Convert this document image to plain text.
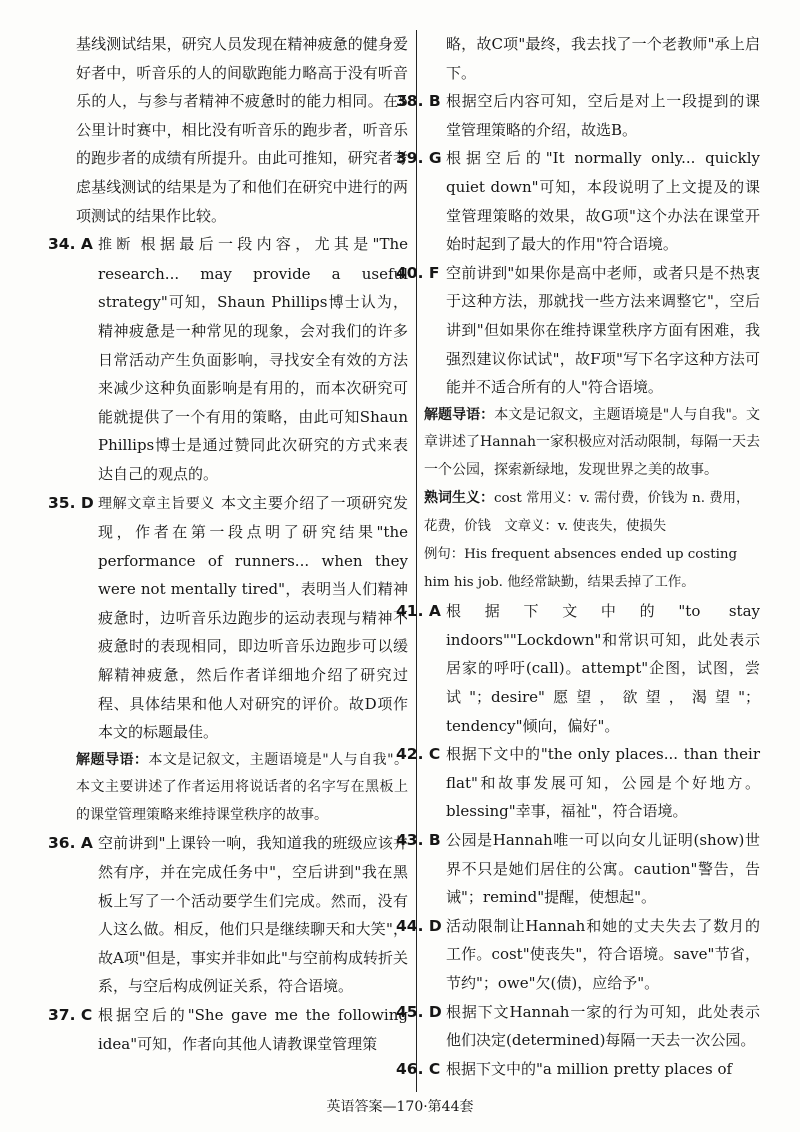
基线测试结果，研究人员发现在精神疲惫的健身爱好者中，听音乐的人的间歇跑能力略高于没有听音乐的人，与参与者精神不疲惫时的能力相同。在5公里计时赛中，相比没有听音乐的跑步者，听音乐的跑步者的成绩有所提升。由此可推知，研究者考虑基线测试的结果是为了和他们在研究中进行的两项测试的结果作比较。

34. A 推断 根据最后一段内容，尤其是"The research... may provide a useful strategy"可知，Shaun Phillips博士认为，精神疲惫是一种常见的现象，会对我们的许多日常活动产生负面影响，寻找安全有效的方法来减少这种负面影响是有用的，而本次研究可能就提供了一个有用的策略，由此可知Shaun Phillips博士是通过赞同此次研究的方式来表达自己的观点的。
35. D 理解文章主旨要义 本文主要介绍了一项研究发现，作者在第一段点明了研究结果"the performance of runners... when they were not mentally tired"，表明当人们精神疲惫时，边听音乐边跑步的运动表现与精神不疲惫时的表现相同，即边听音乐边跑步可以缓解精神疲惫，然后作者详细地介绍了研究过程、具体结果和他人对研究的评价。故D项作本文的标题最佳。

解题导语：本文是记叙文，主题语境是"人与自我"。本文主要讲述了作者运用将说话者的名字写在黑板上的课堂管理策略来维持课堂秩序的故事。

36. A 空前讲到"上课铃一响，我知道我的班级应该井然有序，并在完成任务中"，空后讲到"我在黑板上写了一个活动要学生们完成。然而，没有人这么做。相反，他们只是继续聊天和大笑"，故A项"但是，事实并非如此"与空前构成转折关系，与空后构成例证关系，符合语境。
37. C 根据空后的"She gave me the following idea"可知，作者向其他人请教课堂管理策

略，故C项"最终，我去找了一个老教师"承上启下。

38. B 根据空后内容可知，空后是对上一段提到的课堂管理策略的介绍，故选B。
39. G 根据空后的"It normally only... quickly quiet down"可知，本段说明了上文提及的课堂管理策略的效果，故G项"这个办法在课堂开始时起到了最大的作用"符合语境。
40. F 空前讲到"如果你是高中老师，或者只是不热衷于这种方法，那就找一些方法来调整它"，空后讲到"但如果你在维持课堂秩序方面有困难，我强烈建议你试试"，故F项"写下名字这种方法可能并不适合所有的人"符合语境。

解题导语：本文是记叙文，主题语境是"人与自我"。文章讲述了Hannah一家积极应对活动限制，每隔一天去一个公园，探索新绿地，发现世界之美的故事。

熟词生义：cost 常用义：v. 需付费，价钱为 n. 费用，花费，价钱　文章义：v. 使丧失，使损失
例句：His frequent absences ended up costing him his job. 他经常缺勤，结果丢掉了工作。

41. A 根据下文中的"to stay indoors""Lockdown"和常识可知，此处表示居家的呼吁(call)。attempt"企图，试图，尝试"；desire"愿望，欲望，渴望"；tendency"倾向，偏好"。
42. C 根据下文中的"the only places... than their flat"和故事发展可知，公园是个好地方。blessing"幸事，福祉"，符合语境。
43. B 公园是Hannah唯一可以向女儿证明(show)世界不只是她们居住的公寓。caution"警告，告诫"；remind"提醒，使想起"。
44. D 活动限制让Hannah和她的丈夫失去了数月的工作。cost"使丧失"，符合语境。save"节省，节约"；owe"欠(债)，应给予"。
45. D 根据下文Hannah一家的行为可知，此处表示他们决定(determined)每隔一天去一次公园。
46. C 根据下文中的"a million pretty places of
英语答案—170·第44套
